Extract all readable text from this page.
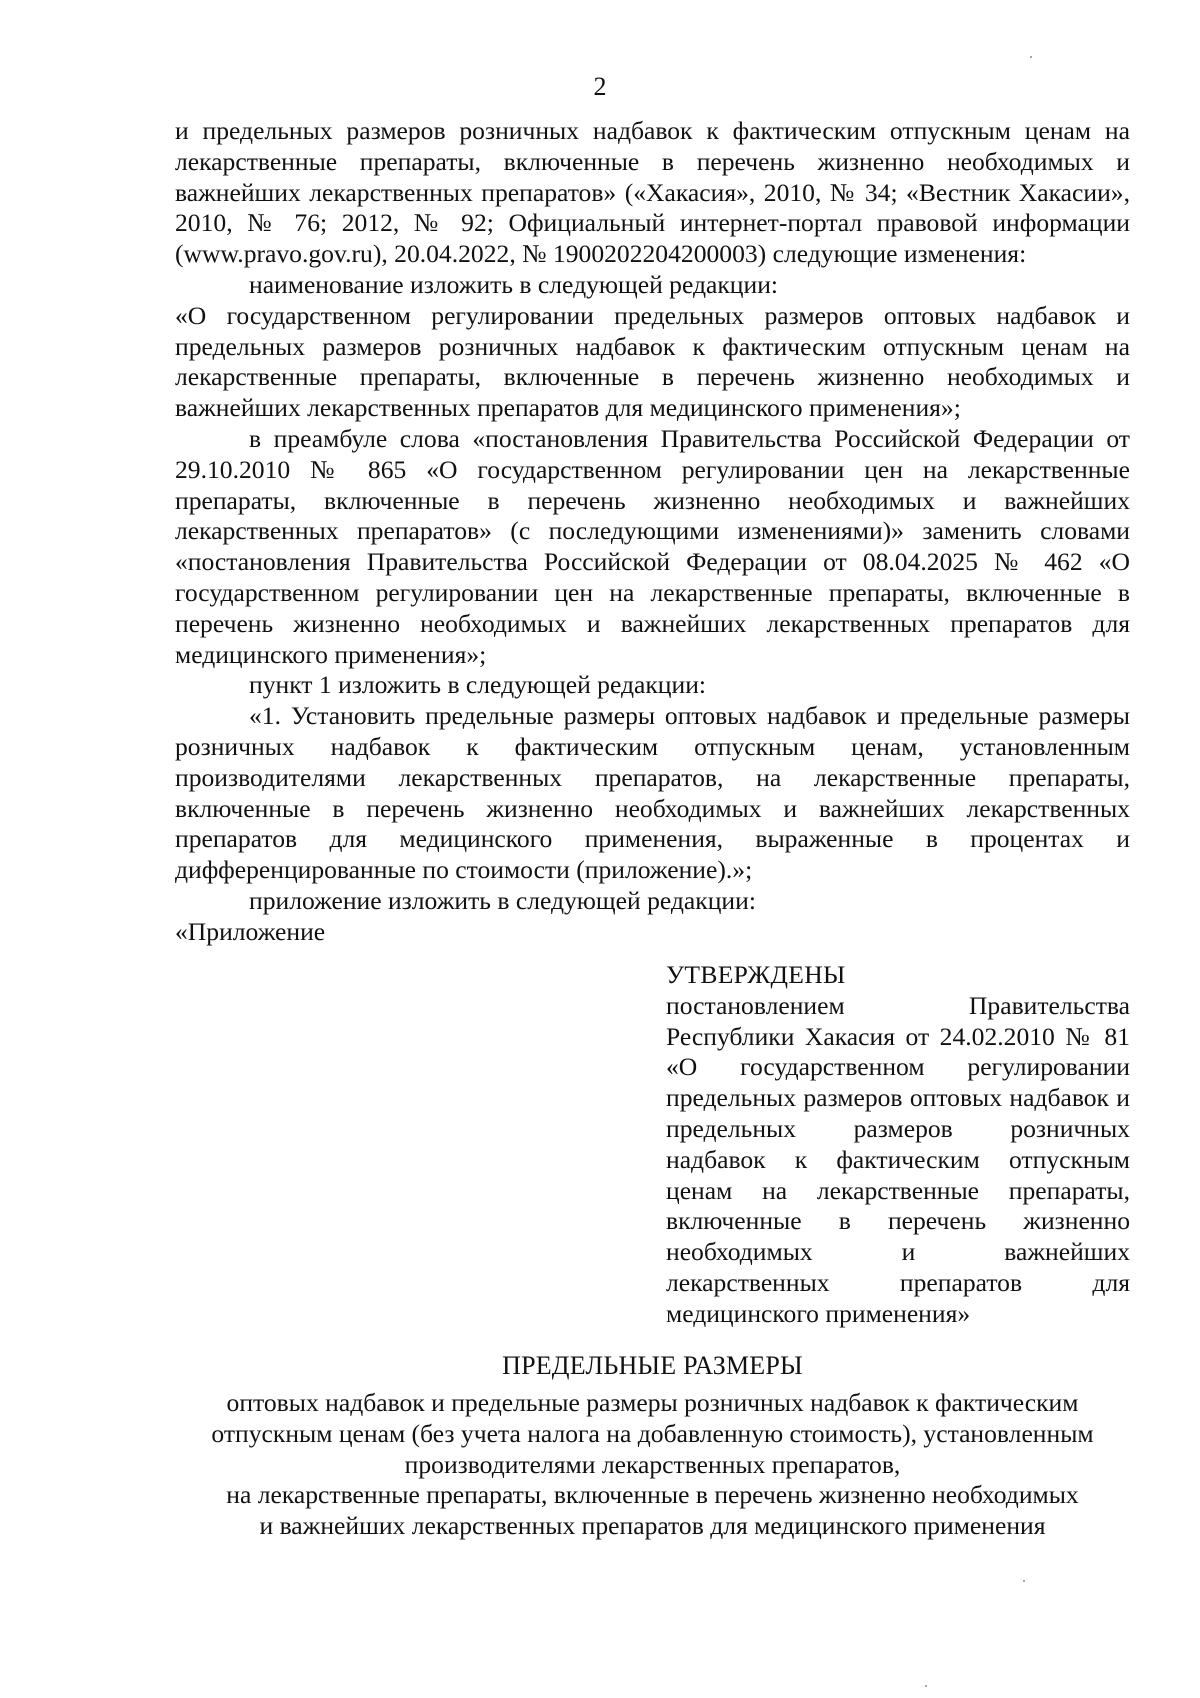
2

и предельных размеров розничных надбавок к фактическим отпускным ценам на лекарственные препараты, включенные в перечень жизненно необходимых и важнейших лекарственных препаратов» («Хакасия», 2010, № 34; «Вестник Хакасии», 2010, № 76; 2012, № 92; Официальный интернет-портал правовой информации (www.pravo.gov.ru), 20.04.2022, № 1900202204200003) следующие изменения:

наименование изложить в следующей редакции:

«О государственном регулировании предельных размеров оптовых надбавок и предельных размеров розничных надбавок к фактическим отпускным ценам на лекарственные препараты, включенные в перечень жизненно необходимых и важнейших лекарственных препаратов для медицинского применения»;

в преамбуле слова «постановления Правительства Российской Федерации от 29.10.2010 № 865 «О государственном регулировании цен на лекарственные препараты, включенные в перечень жизненно необходимых и важнейших лекарственных препаратов» (с последующими изменениями)» заменить словами «постановления Правительства Российской Федерации от 08.04.2025 № 462 «О государственном регулировании цен на лекарственные препараты, включенные в перечень жизненно необходимых и важнейших лекарственных препаратов для медицинского применения»;

пункт 1 изложить в следующей редакции:

«1. Установить предельные размеры оптовых надбавок и предельные размеры розничных надбавок к фактическим отпускным ценам, установленным производителями лекарственных препаратов, на лекарственные препараты, включенные в перечень жизненно необходимых и важнейших лекарственных препаратов для медицинского применения, выраженные в процентах и дифференцированные по стоимости (приложение).»;

приложение изложить в следующей редакции:

«Приложение

УТВЕРЖДЕНЫ

постановлением Правительства Республики Хакасия от 24.02.2010 № 81 «О государственном регулировании предельных размеров оптовых надбавок и предельных размеров розничных надбавок к фактическим отпускным ценам на лекарственные препараты, включенные в перечень жизненно необходимых и важнейших лекарственных препаратов для медицинского применения»

ПРЕДЕЛЬНЫЕ РАЗМЕРЫ

оптовых надбавок и предельные размеры розничных надбавок к фактическим

отпускным ценам (без учета налога на добавленную стоимость), установленным

производителями лекарственных препаратов,

на лекарственные препараты, включенные в перечень жизненно необходимых

и важнейших лекарственных препаратов для медицинского применения
